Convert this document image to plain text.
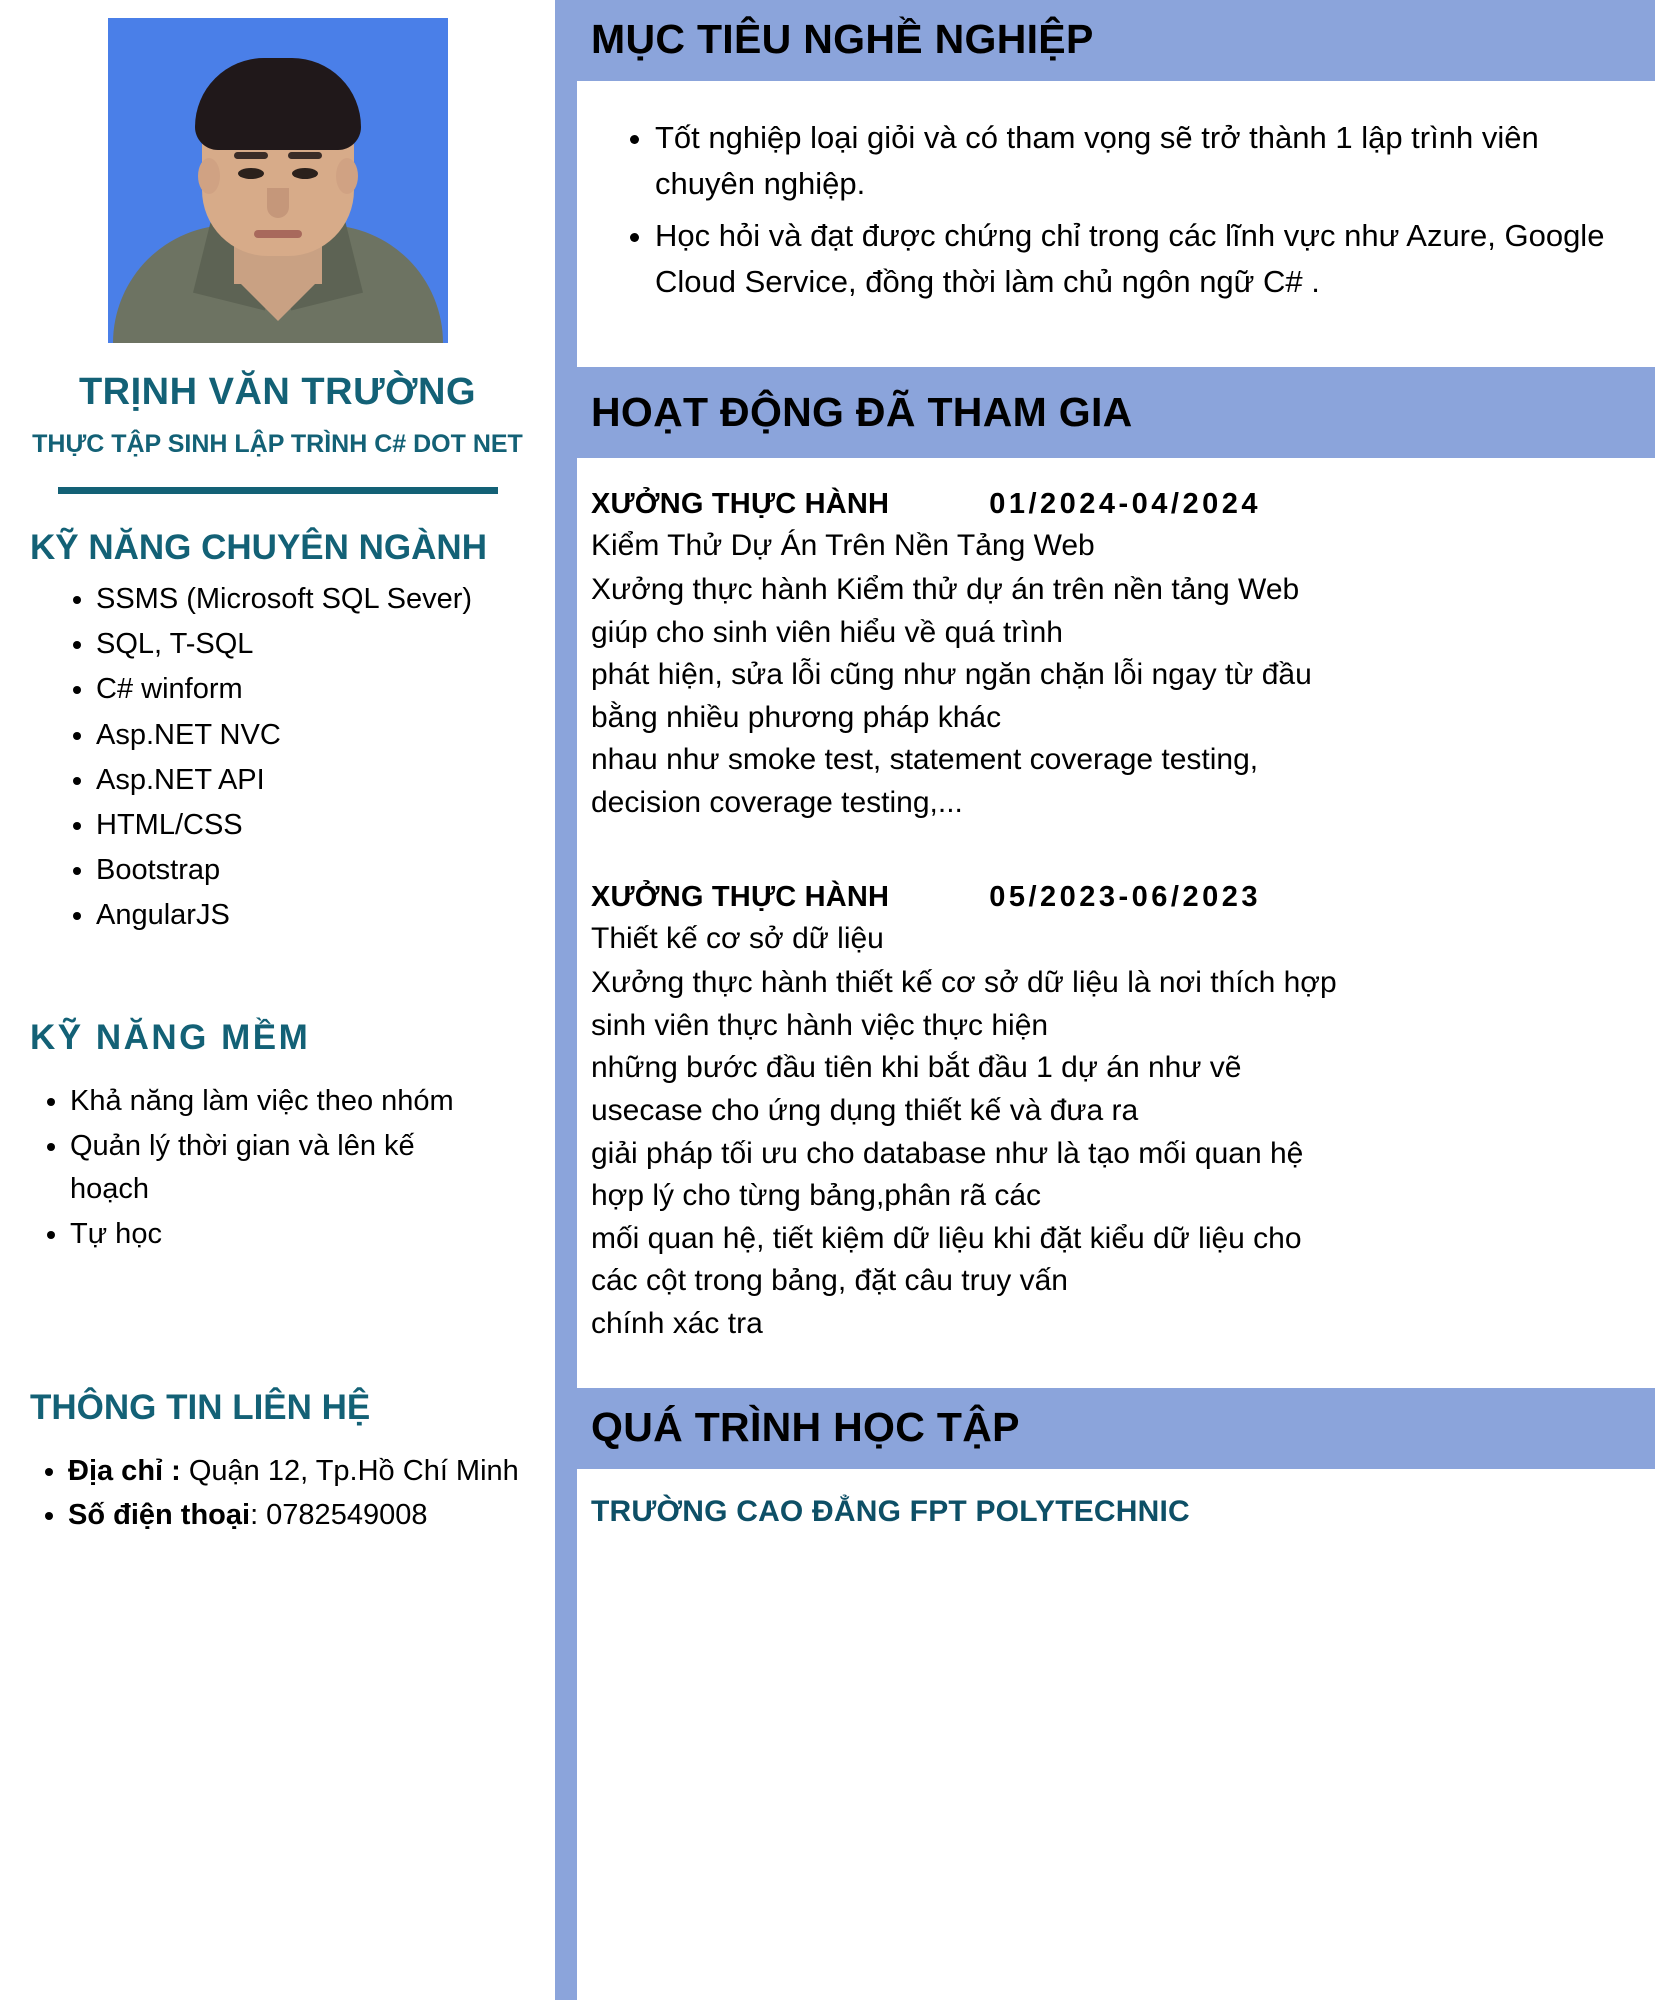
TRỊNH VĂN TRƯỜNG
THỰC TẬP SINH LẬP TRÌNH C# DOT NET
KỸ NĂNG CHUYÊN NGÀNH
• SSMS (Microsoft SQL Sever)
• SQL, T-SQL
• C# winform
• Asp.NET NVC
• Asp.NET API
• HTML/CSS
• Bootstrap
• AngularJS
KỸ NĂNG MỀM
• Khả năng làm việc theo nhóm
• Quản lý thời gian và lên kế hoạch
• Tự học
THÔNG TIN LIÊN HỆ
• Địa chỉ : Quận 12, Tp.Hồ Chí Minh
• Số điện thoại: 0782549008
MỤC TIÊU NGHỀ NGHIỆP
• Tốt nghiệp loại giỏi và có tham vọng sẽ trở thành 1 lập trình viên chuyên nghiệp.
• Học hỏi và đạt được chứng chỉ trong các lĩnh vực như Azure, Google Cloud Service, đồng thời làm chủ ngôn ngữ C# .
HOẠT ĐỘNG ĐÃ THAM GIA
XƯỞNG THỰC HÀNH	01/2024-04/2024
Kiểm Thử Dự Án Trên Nền Tảng Web
Xưởng thực hành Kiểm thử dự án trên nền tảng Web
giúp cho sinh viên hiểu về quá trình
phát hiện, sửa lỗi cũng như ngăn chặn lỗi ngay từ đầu
bằng nhiều phương pháp khác
nhau như smoke test, statement coverage testing,
decision coverage testing,...
XƯỞNG THỰC HÀNH	05/2023-06/2023
Thiết kế cơ sở dữ liệu
Xưởng thực hành thiết kế cơ sở dữ liệu là nơi thích hợp
sinh viên thực hành việc thực hiện
những bước đầu tiên khi bắt đầu 1 dự án như vẽ
usecase cho ứng dụng thiết kế và đưa ra
giải pháp tối ưu cho database như là tạo mối quan hệ
hợp lý cho từng bảng,phân rã các
mối quan hệ, tiết kiệm dữ liệu khi đặt kiểu dữ liệu cho
các cột trong bảng, đặt câu truy vấn
chính xác tra
QUÁ TRÌNH HỌC TẬP
TRƯỜNG CAO ĐẲNG FPT POLYTECHNIC
